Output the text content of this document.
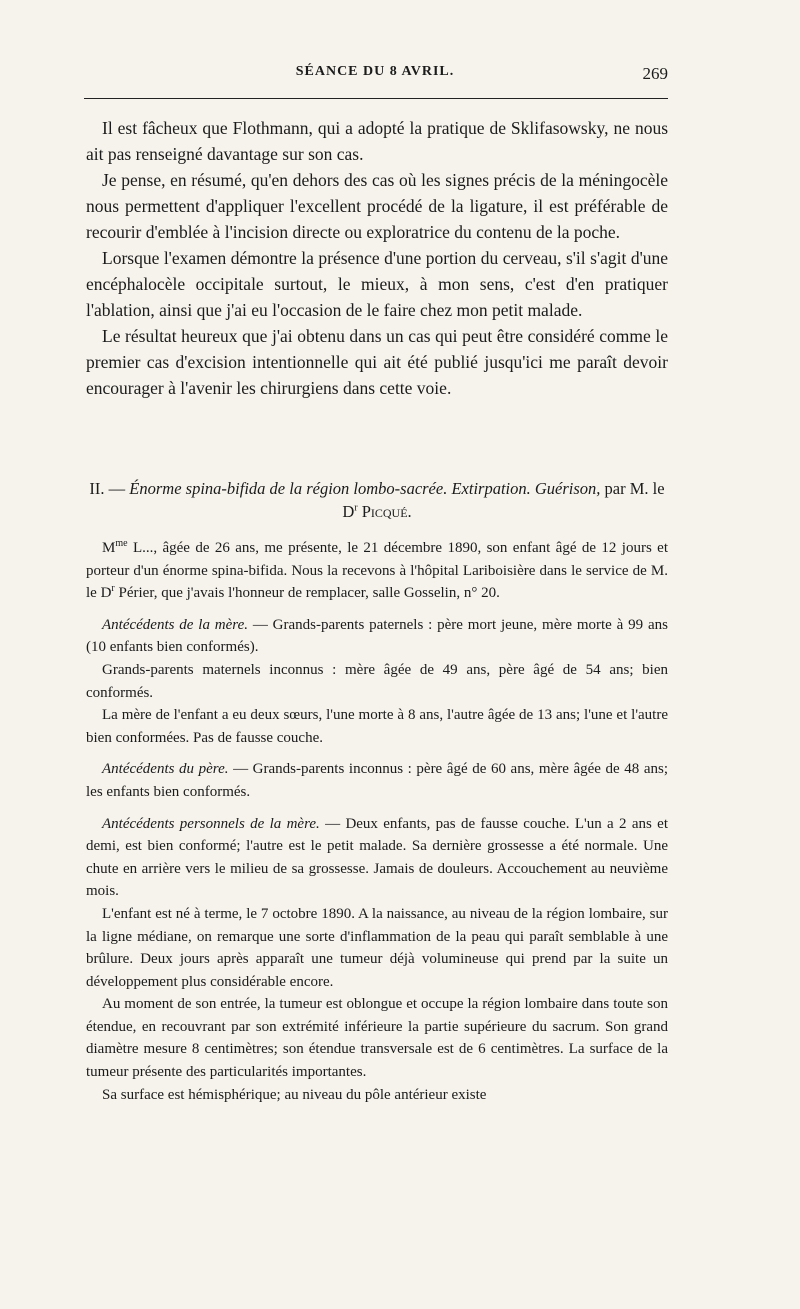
SÉANCE DU 8 AVRIL.	269

Il est fâcheux que Flothmann, qui a adopté la pratique de Sklifasowsky, ne nous ait pas renseigné davantage sur son cas.

Je pense, en résumé, qu'en dehors des cas où les signes précis de la méningocèle nous permettent d'appliquer l'excellent procédé de la ligature, il est préférable de recourir d'emblée à l'incision directe ou exploratrice du contenu de la poche.

Lorsque l'examen démontre la présence d'une portion du cerveau, s'il s'agit d'une encéphalocèle occipitale surtout, le mieux, à mon sens, c'est d'en pratiquer l'ablation, ainsi que j'ai eu l'occasion de le faire chez mon petit malade.

Le résultat heureux que j'ai obtenu dans un cas qui peut être considéré comme le premier cas d'excision intentionnelle qui ait été publié jusqu'ici me paraît devoir encourager à l'avenir les chirurgiens dans cette voie.

II. — Énorme spina-bifida de la région lombo-sacrée. Extirpation. Guérison, par M. le $D^r$ Picqué.

$M^{me}$ L..., âgée de 26 ans, me présente, le 21 décembre 1890, son enfant âgé de 12 jours et porteur d'un énorme spina-bifida. Nous la recevons à l'hôpital Lariboisière dans le service de M. le $D^r$ Périer, que j'avais l'honneur de remplacer, salle Gosselin, n° 20.

Antécédents de la mère. — Grands-parents paternels : père mort jeune, mère morte à 99 ans (10 enfants bien conformés).

Grands-parents maternels inconnus : mère âgée de 49 ans, père âgé de 54 ans; bien conformés.

La mère de l'enfant a eu deux sœurs, l'une morte à 8 ans, l'autre âgée de 13 ans; l'une et l'autre bien conformées. Pas de fausse couche.

Antécédents du père. — Grands-parents inconnus : père âgé de 60 ans, mère âgée de 48 ans; les enfants bien conformés.

Antécédents personnels de la mère. — Deux enfants, pas de fausse couche. L'un a 2 ans et demi, est bien conformé; l'autre est le petit malade. Sa dernière grossesse a été normale. Une chute en arrière vers le milieu de sa grossesse. Jamais de douleurs. Accouchement au neuvième mois.

L'enfant est né à terme, le 7 octobre 1890. A la naissance, au niveau de la région lombaire, sur la ligne médiane, on remarque une sorte d'inflammation de la peau qui paraît semblable à une brûlure. Deux jours après apparaît une tumeur déjà volumineuse qui prend par la suite un développement plus considérable encore.

Au moment de son entrée, la tumeur est oblongue et occupe la région lombaire dans toute son étendue, en recouvrant par son extrémité inférieure la partie supérieure du sacrum. Son grand diamètre mesure 8 centimètres; son étendue transversale est de 6 centimètres. La surface de la tumeur présente des particularités importantes.

Sa surface est hémisphérique; au niveau du pôle antérieur existe
